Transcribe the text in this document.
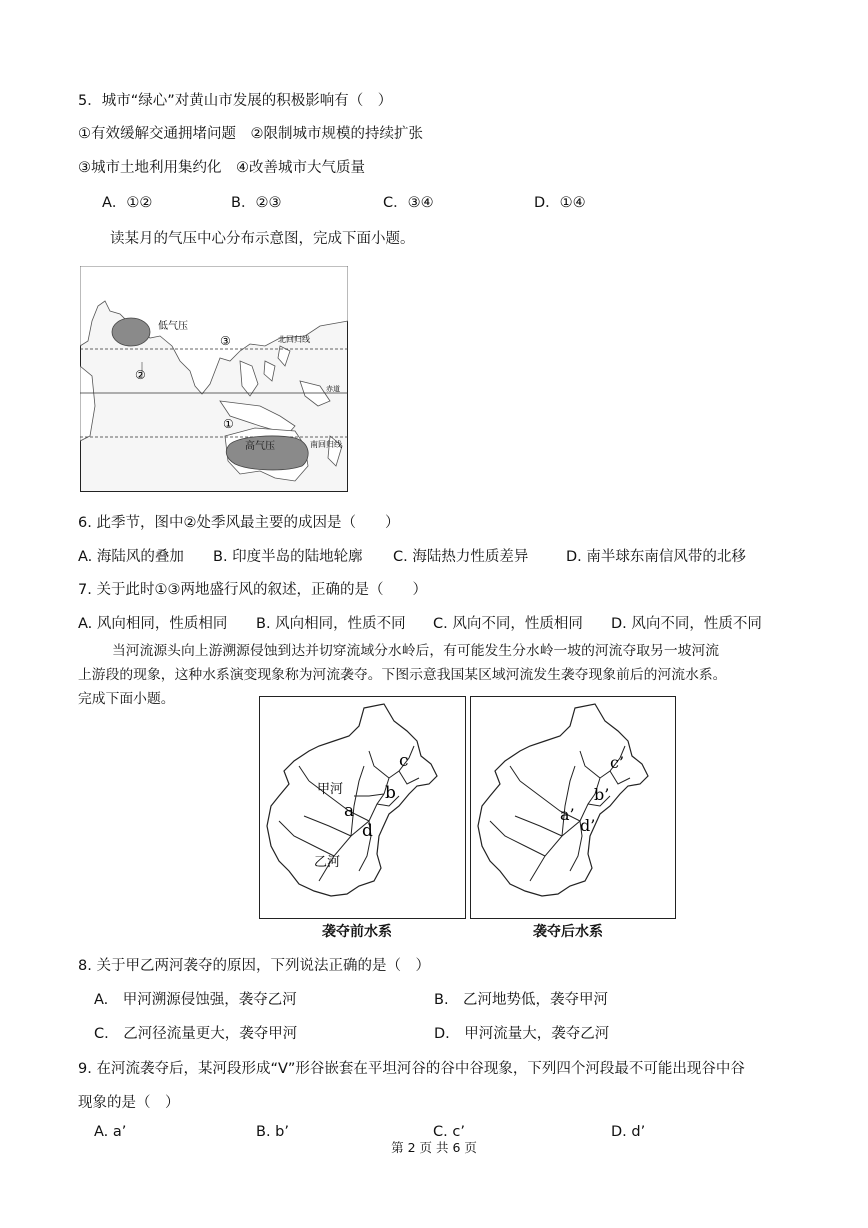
5．城市“绿心”对黄山市发展的积极影响有（　）
①有效缓解交通拥堵问题　②限制城市规模的持续扩张
③城市土地利用集约化　④改善城市大气质量
A．①②	B．②③	C．③④	D．①④
读某月的气压中心分布示意图，完成下面小题。
低气压
高气压
北回归线
赤道
南回归线
③
②
①
6. 此季节，图中②处季风最主要的成因是（　　）
A. 海陆风的叠加 B. 印度半岛的陆地轮廓 C. 海陆热力性质差异	D. 南半球东南信风带的北移
7. 关于此时①③两地盛行风的叙述，正确的是（　　）
A. 风向相同，性质相同 B. 风向相同，性质不同 C. 风向不同，性质相同 D. 风向不同，性质不同
当河流源头向上游溯源侵蚀到达并切穿流域分水岭后，有可能发生分水岭一坡的河流夺取另一坡河流
上游段的现象，这种水系演变现象称为河流袭夺。下图示意我国某区域河流发生袭夺现象前后的河流水系。
完成下面小题。
甲河
乙河
a
b
c
d
a’
b’
c’
d’
袭夺前水系	袭夺后水系
8. 关于甲乙两河袭夺的原因，下列说法正确的是（　）
A.　甲河溯源侵蚀强，袭夺乙河	B.　乙河地势低，袭夺甲河
C.　乙河径流量更大，袭夺甲河	D.　甲河流量大，袭夺乙河
9. 在河流袭夺后，某河段形成“V”形谷嵌套在平坦河谷的谷中谷现象，下列四个河段最不可能出现谷中谷
现象的是（　）
A. a’	B. b’	C. c’	D. d’
第 2 页 共 6 页
